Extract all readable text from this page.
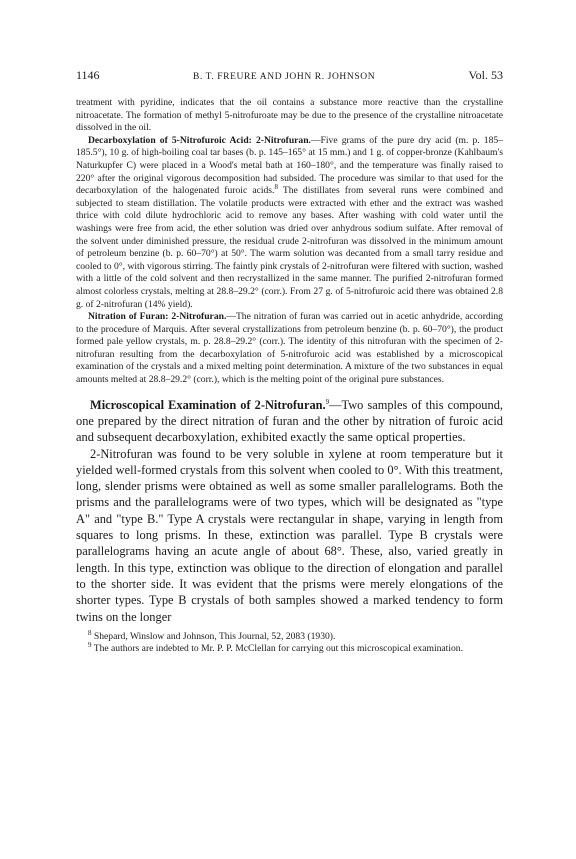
1146	B. T. FREURE AND JOHN R. JOHNSON	Vol. 53

treatment with pyridine, indicates that the oil contains a substance more reactive than the crystalline nitroacetate. The formation of methyl 5-nitrofuroate may be due to the presence of the crystalline nitroacetate dissolved in the oil.

Decarboxylation of 5-Nitrofuroic Acid: 2-Nitrofuran.—Five grams of the pure dry acid (m. p. 185–185.5°), 10 g. of high-boiling coal tar bases (b. p. 145–165° at 15 mm.) and 1 g. of copper-bronze (Kahlbaum's Naturkupfer C) were placed in a Wood's metal bath at 160–180°, and the temperature was finally raised to 220° after the original vigorous decomposition had subsided. The procedure was similar to that used for the decarboxylation of the halogenated furoic acids.$^8$ The distillates from several runs were combined and subjected to steam distillation. The volatile products were extracted with ether and the extract was washed thrice with cold dilute hydrochloric acid to remove any bases. After washing with cold water until the washings were free from acid, the ether solution was dried over anhydrous sodium sulfate. After removal of the solvent under diminished pressure, the residual crude 2-nitrofuran was dissolved in the minimum amount of petroleum benzine (b. p. 60–70°) at 50°. The warm solution was decanted from a small tarry residue and cooled to 0°, with vigorous stirring. The faintly pink crystals of 2-nitrofuran were filtered with suction, washed with a little of the cold solvent and then recrystallized in the same manner. The purified 2-nitrofuran formed almost colorless crystals, melting at 28.8–29.2° (corr.). From 27 g. of 5-nitrofuroic acid there was obtained 2.8 g. of 2-nitrofuran (14% yield).

Nitration of Furan: 2-Nitrofuran.—The nitration of furan was carried out in acetic anhydride, according to the procedure of Marquis. After several crystallizations from petroleum benzine (b. p. 60–70°), the product formed pale yellow crystals, m. p. 28.8–29.2° (corr.). The identity of this nitrofuran with the specimen of 2-nitrofuran resulting from the decarboxylation of 5-nitrofuroic acid was established by a microscopical examination of the crystals and a mixed melting point determination. A mixture of the two substances in equal amounts melted at 28.8–29.2° (corr.), which is the melting point of the original pure substances.

Microscopical Examination of 2-Nitrofuran.$^9$—Two samples of this compound, one prepared by the direct nitration of furan and the other by nitration of furoic acid and subsequent decarboxylation, exhibited exactly the same optical properties.

2-Nitrofuran was found to be very soluble in xylene at room temperature but it yielded well-formed crystals from this solvent when cooled to 0°. With this treatment, long, slender prisms were obtained as well as some smaller parallelograms. Both the prisms and the parallelograms were of two types, which will be designated as "type A" and "type B." Type A crystals were rectangular in shape, varying in length from squares to long prisms. In these, extinction was parallel. Type B crystals were parallelograms having an acute angle of about 68°. These, also, varied greatly in length. In this type, extinction was oblique to the direction of elongation and parallel to the shorter side. It was evident that the prisms were merely elongations of the shorter types. Type B crystals of both samples showed a marked tendency to form twins on the longer

$^8$ Shepard, Winslow and Johnson, This Journal, 52, 2083 (1930).

$^9$ The authors are indebted to Mr. P. P. McClellan for carrying out this microscopical examination.
